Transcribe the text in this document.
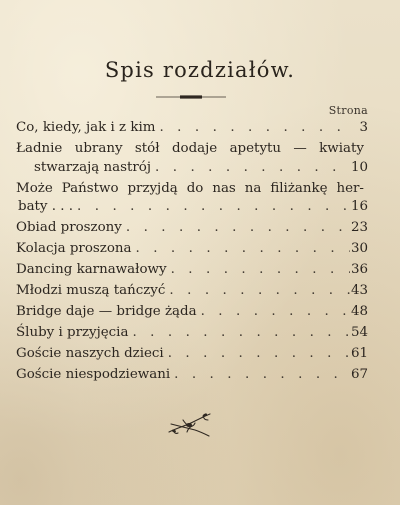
Spis rozdziałów.
Strona
Co, kiedy, jak i z kim . . .	3
Ładnie ubrany stół dodaje apetytu — kwiaty
stwarzają nastrój . . .	10
Może Państwo przyjdą do nas na filiżankę her-
baty . . . . . .	16
Obiad proszony . . .	23
Kolacja proszona . . .	30
Dancing karnawałowy . . .	36
Młodzi muszą tańczyć . . .	43
Bridge daje — bridge żąda . . .	48
Śluby i przyjęcia . . .	54
Goście naszych dzieci . . .	61
Goście niespodziewani . . .	67
